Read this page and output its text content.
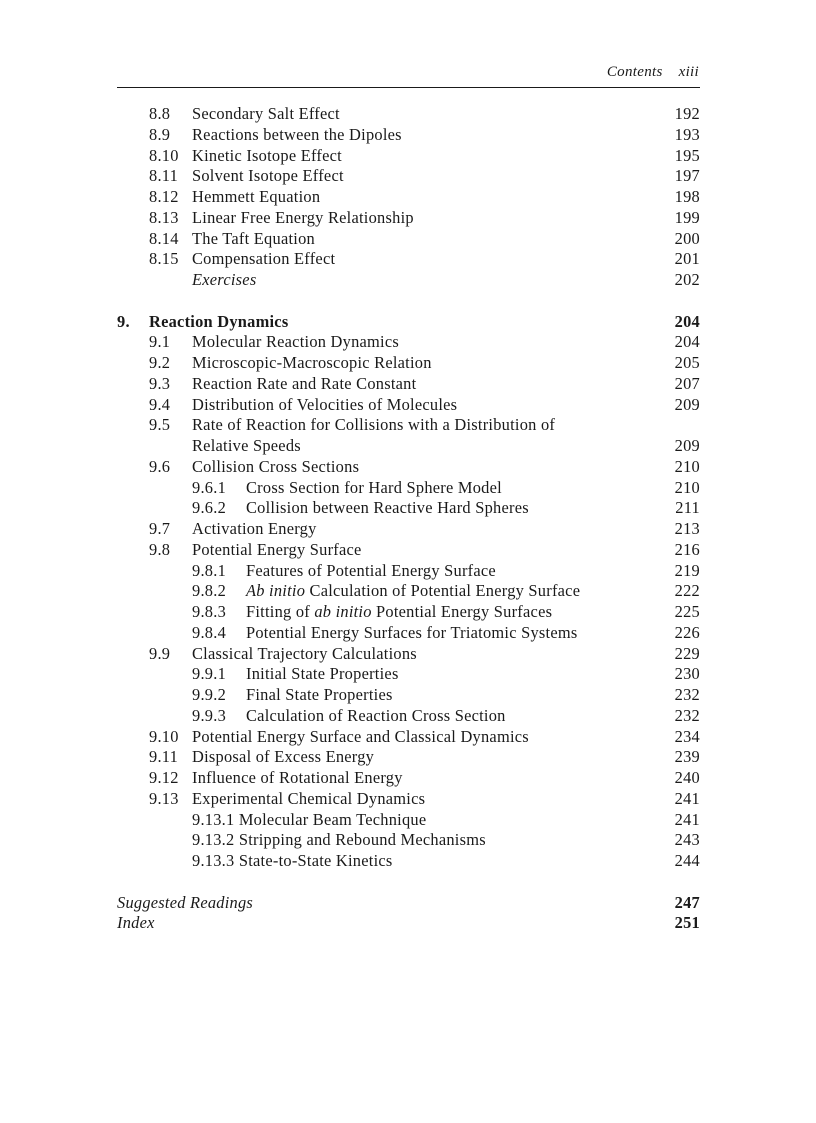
Contents xiii
8.8 Secondary Salt Effect	192
8.9 Reactions between the Dipoles	193
8.10 Kinetic Isotope Effect	195
8.11 Solvent Isotope Effect	197
8.12 Hemmett Equation	198
8.13 Linear Free Energy Relationship	199
8.14 The Taft Equation	200
8.15 Compensation Effect	201
Exercises	202
9. Reaction Dynamics	204
9.1 Molecular Reaction Dynamics	204
9.2 Microscopic-Macroscopic Relation	205
9.3 Reaction Rate and Rate Constant	207
9.4 Distribution of Velocities of Molecules	209
9.5 Rate of Reaction for Collisions with a Distribution of
Relative Speeds	209
9.6 Collision Cross Sections	210
9.6.1 Cross Section for Hard Sphere Model	210
9.6.2 Collision between Reactive Hard Spheres	211
9.7 Activation Energy	213
9.8 Potential Energy Surface	216
9.8.1 Features of Potential Energy Surface	219
9.8.2 Ab initio Calculation of Potential Energy Surface	222
9.8.3 Fitting of ab initio Potential Energy Surfaces	225
9.8.4 Potential Energy Surfaces for Triatomic Systems	226
9.9 Classical Trajectory Calculations	229
9.9.1 Initial State Properties	230
9.9.2 Final State Properties	232
9.9.3 Calculation of Reaction Cross Section	232
9.10 Potential Energy Surface and Classical Dynamics	234
9.11 Disposal of Excess Energy	239
9.12 Influence of Rotational Energy	240
9.13 Experimental Chemical Dynamics	241
9.13.1 Molecular Beam Technique	241
9.13.2 Stripping and Rebound Mechanisms	243
9.13.3 State-to-State Kinetics	244
Suggested Readings	247
Index	251
